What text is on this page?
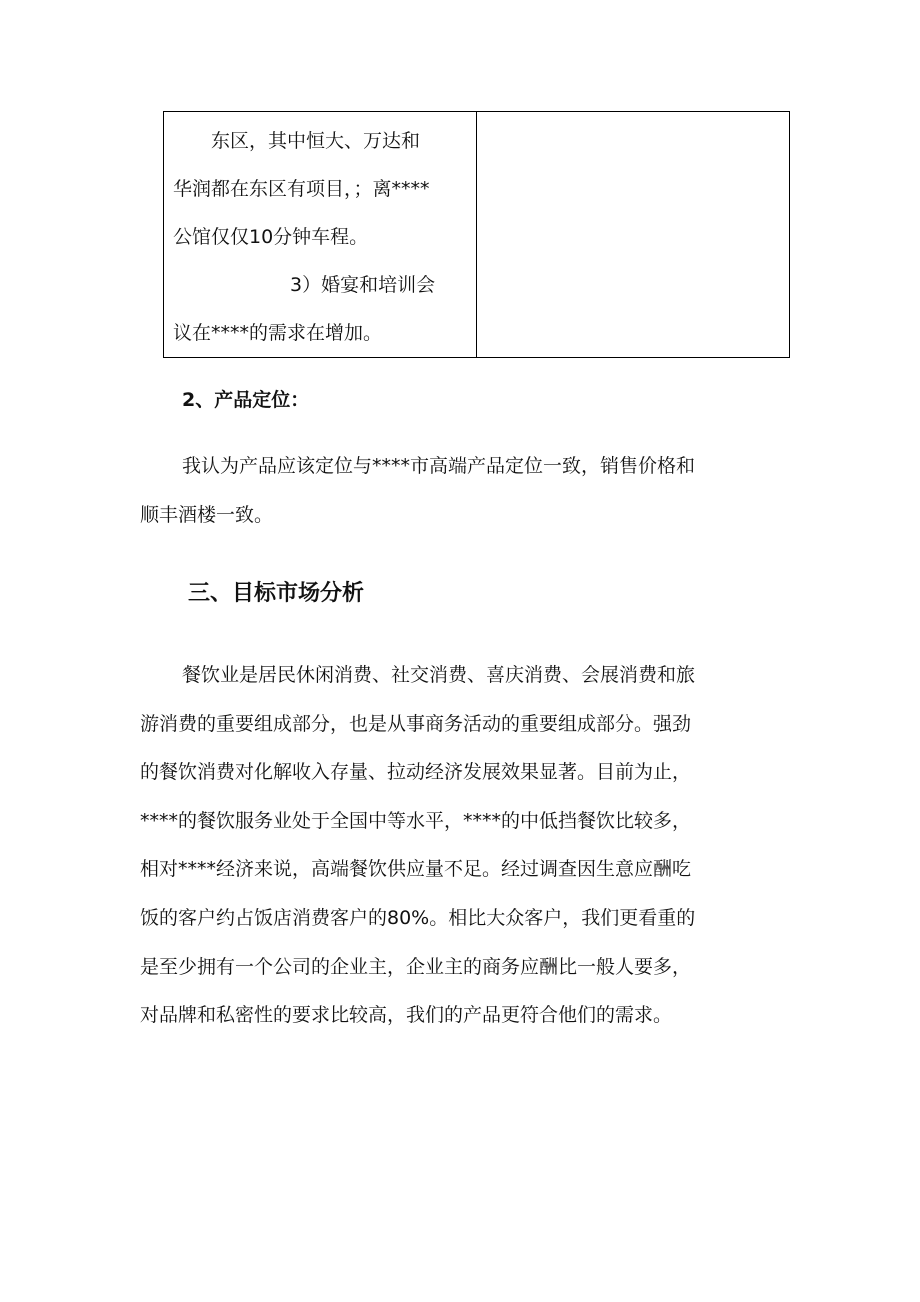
东区，其中恒大、万达和
华润都在东区有项目，；离****
公馆仅仅10分钟车程。
3）婚宴和培训会
议在****的需求在增加。

2、产品定位：
我认为产品应该定位与****市高端产品定位一致，销售价格和
顺丰酒楼一致。
三、目标市场分析
餐饮业是居民休闲消费、社交消费、喜庆消费、会展消费和旅
游消费的重要组成部分，也是从事商务活动的重要组成部分。强劲
的餐饮消费对化解收入存量、拉动经济发展效果显著。目前为止，
****的餐饮服务业处于全国中等水平，****的中低挡餐饮比较多，
相对****经济来说，高端餐饮供应量不足。经过调查因生意应酬吃
饭的客户约占饭店消费客户的80%。相比大众客户，我们更看重的
是至少拥有一个公司的企业主，企业主的商务应酬比一般人要多，
对品牌和私密性的要求比较高，我们的产品更符合他们的需求。
